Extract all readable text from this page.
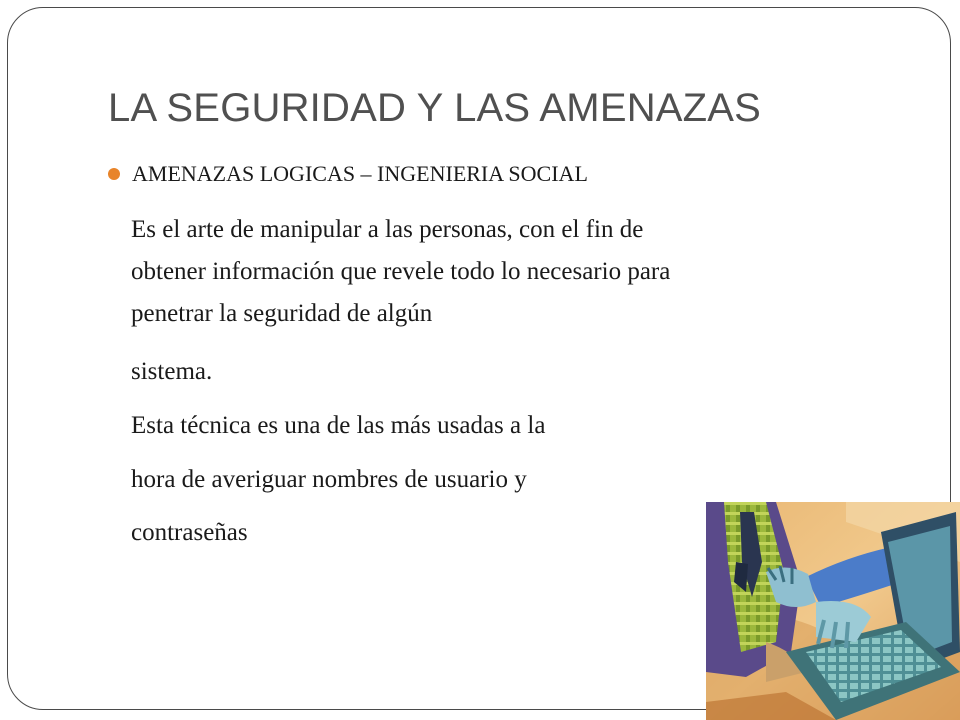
LA SEGURIDAD Y LAS AMENAZAS
AMENAZAS LOGICAS – INGENIERIA SOCIAL
Es el arte de manipular a las personas, con el fin de
obtener información que revele todo lo necesario para
penetrar la seguridad de algún
sistema.
Esta técnica es una de las más usadas a la
hora de averiguar nombres de usuario y
contraseñas
